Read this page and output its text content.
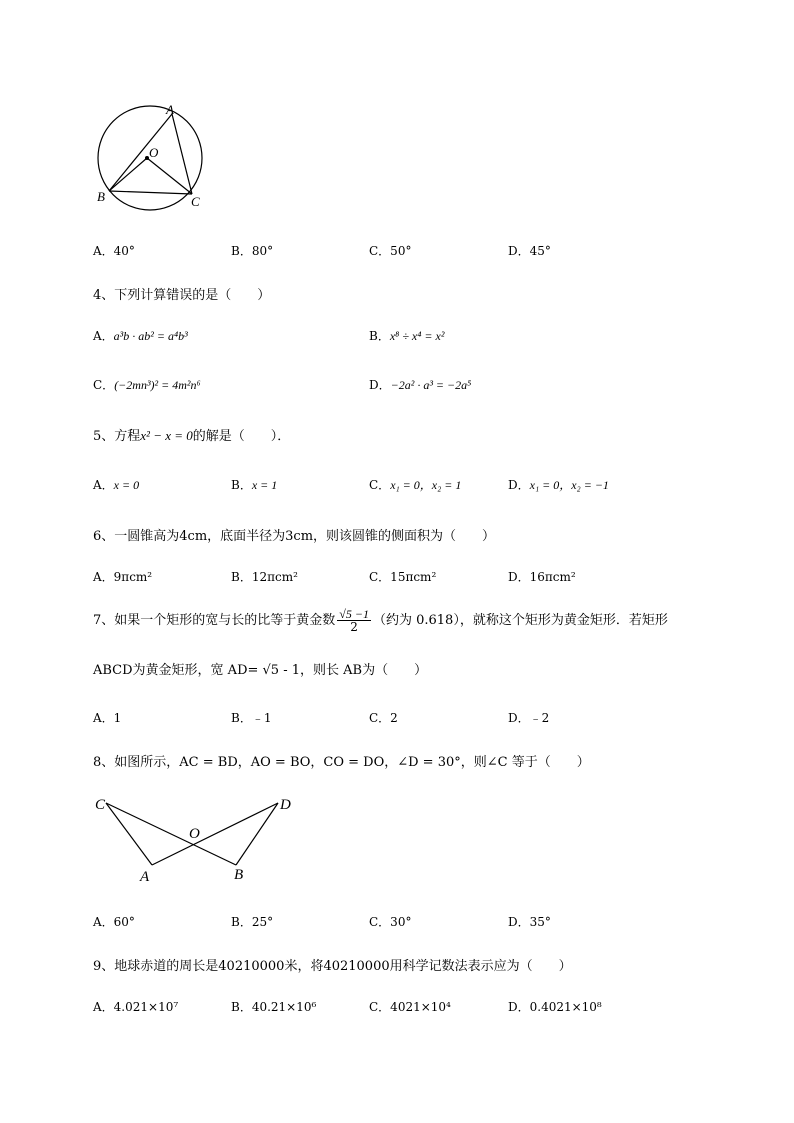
A
O
B	C
A．40°	B．80°	C．50°	D．45°
4、下列计算错误的是（　　）
A．a³b · ab² = a⁴b³	B．x⁸ ÷ x⁴ = x²
C．(−2mn³)² = 4m²n⁶	D．−2a² · a³ = −2a⁵
5、方程x² − x = 0的解是（　　）．
A．x = 0	B．x = 1	C．x₁ = 0，x₂ = 1	D．x₁ = 0，x₂ = −1
6、一圆锥高为4cm，底面半径为3cm，则该圆锥的侧面积为（　　）
A．9πcm²	B．12πcm²	C．15πcm²	D．16πcm²
7、如果一个矩形的宽与长的比等于黄金数 $\frac{√5 -1}{2}$ （约为 0.618），就称这个矩形为黄金矩形．若矩形
ABCD为黄金矩形，宽 AD= √5 - 1，则长 AB为（　　）
A．1	B．﹣1	C．2	D．﹣2
8、如图所示，AC = BD，AO = BO，CO = DO，∠D = 30°，则∠C 等于（　　）
C
O
D
A	B
A．60°	B．25°	C．30°	D．35°
9、地球赤道的周长是40210000米，将40210000用科学记数法表示应为（　　）
A．4.021×10⁷	B．40.21×10⁶	C．4021×10⁴	D．0.4021×10⁸
